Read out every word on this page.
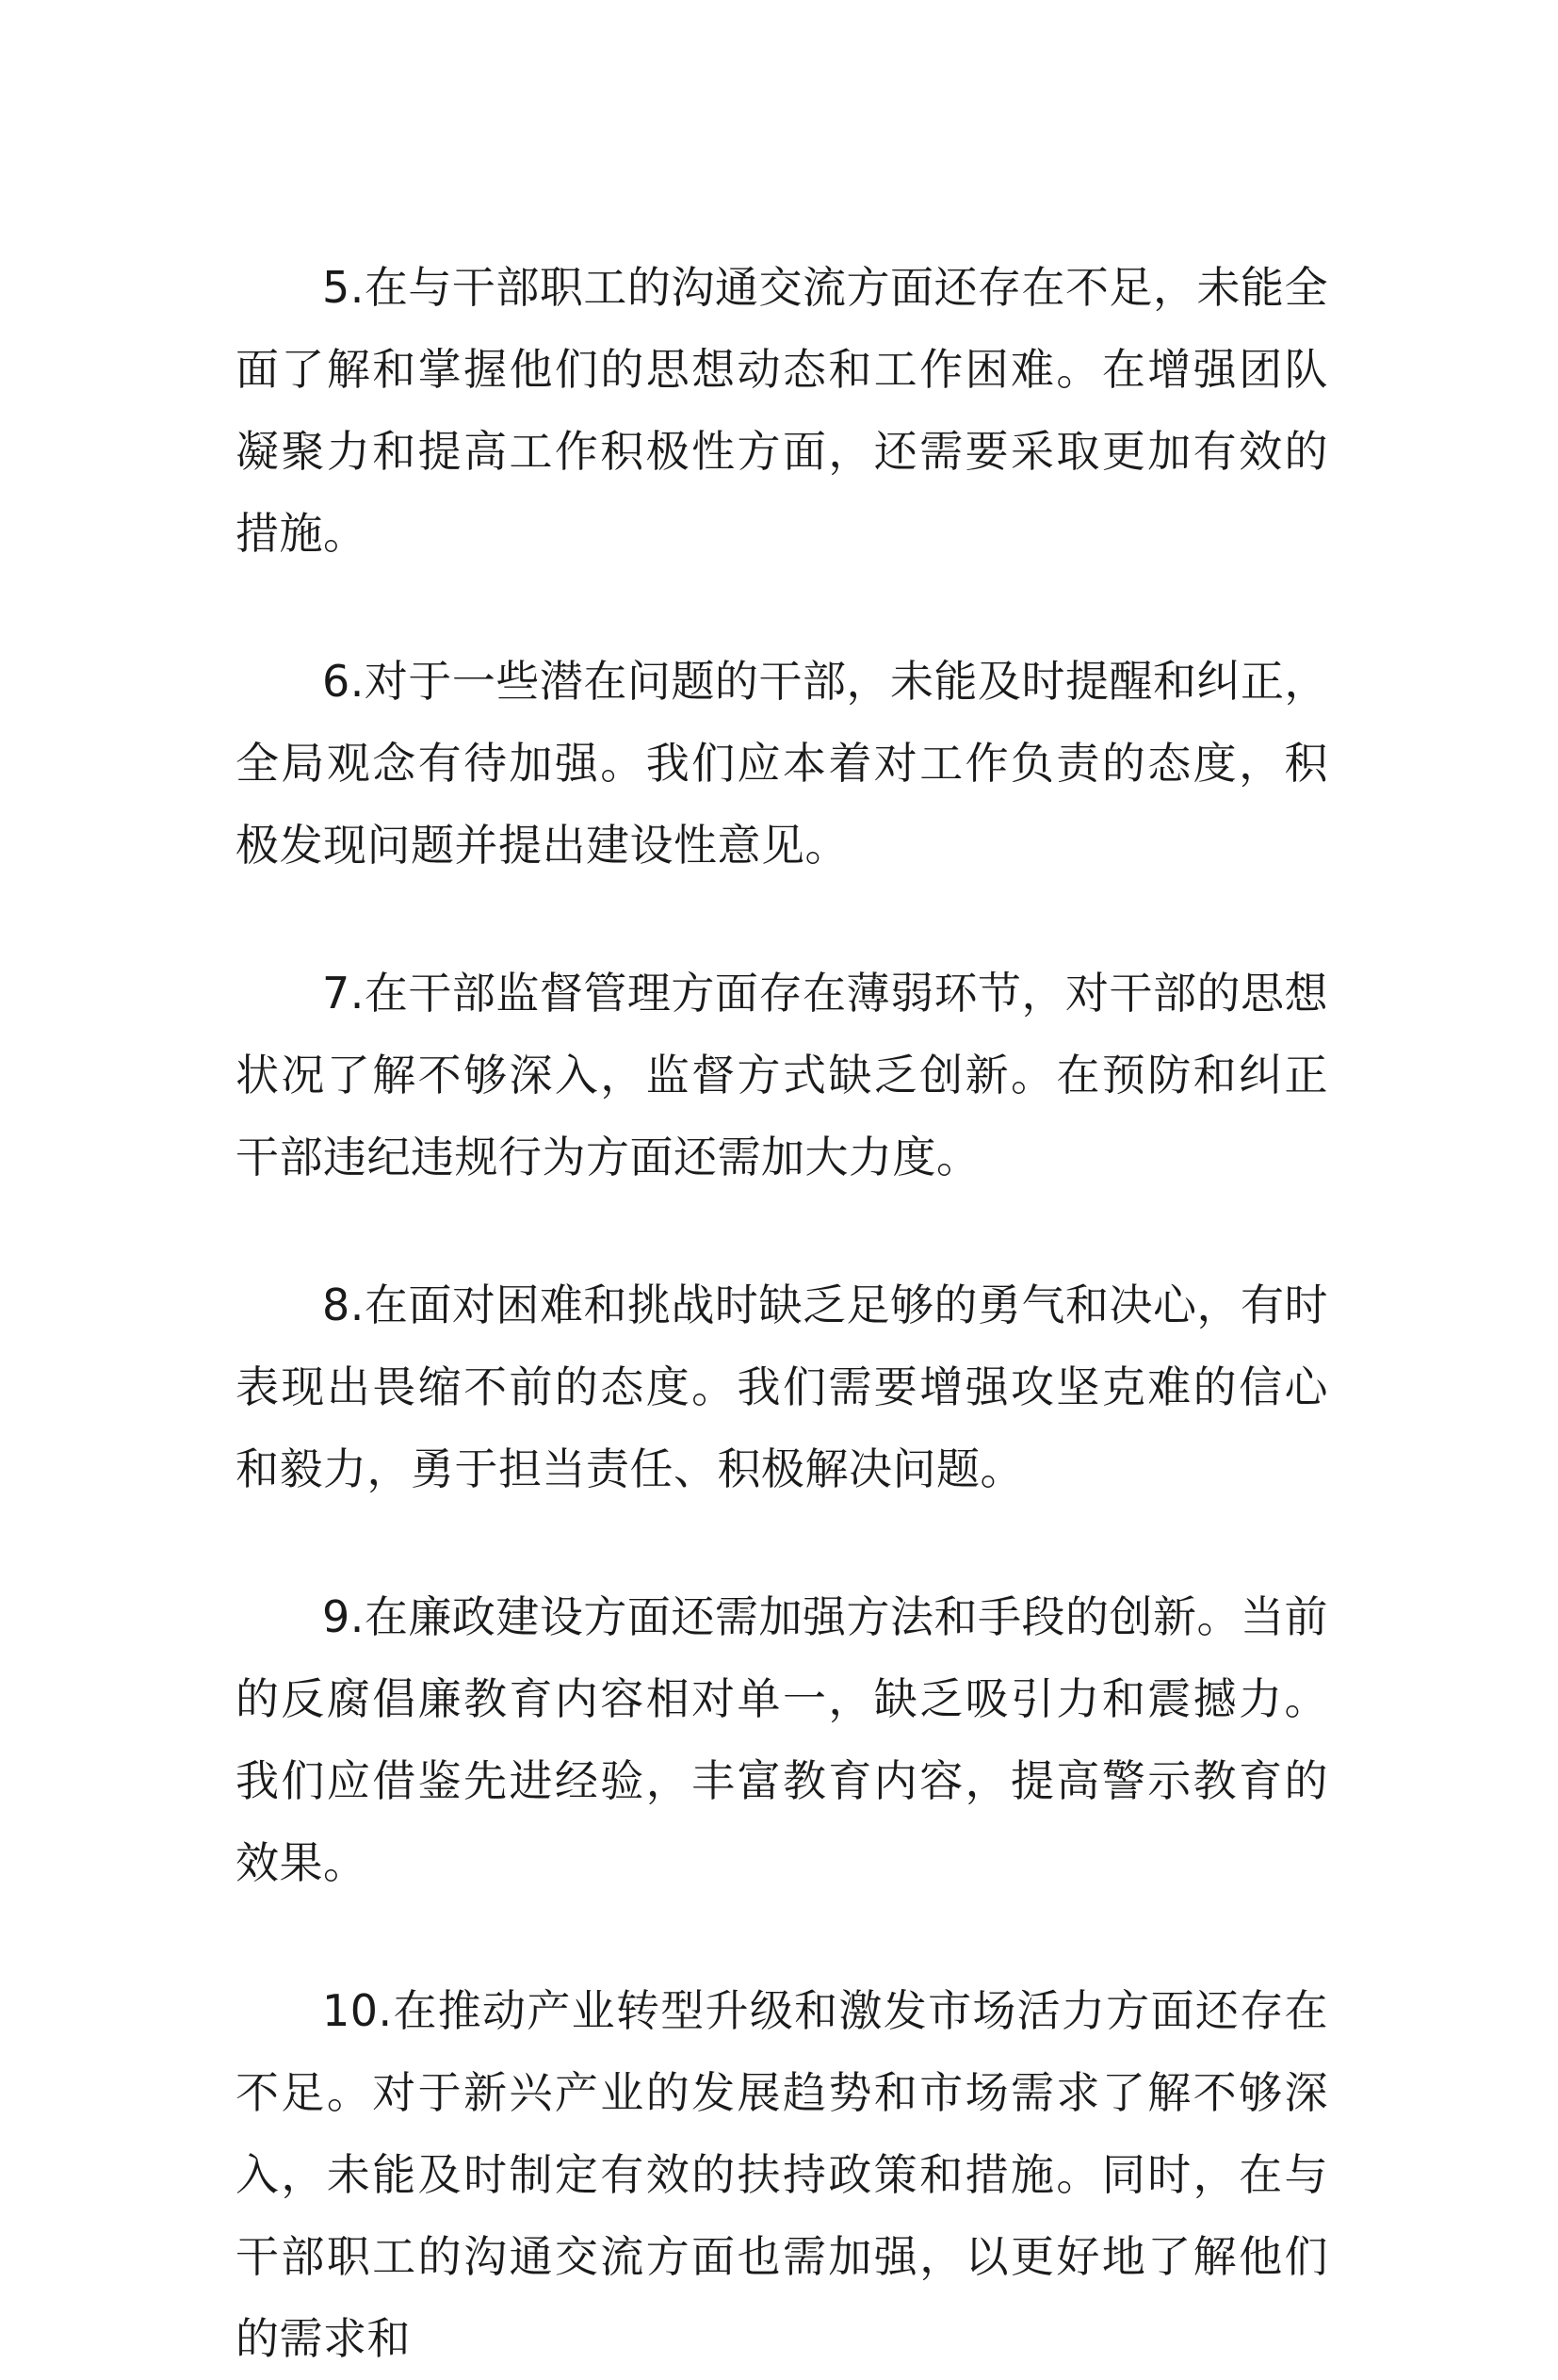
5.在与干部职工的沟通交流方面还存在不足，未能全面了解和掌握他们的思想动态和工作困难。在增强团队凝聚力和提高工作积极性方面，还需要采取更加有效的措施。

6.对于一些潜在问题的干部，未能及时提醒和纠正，全局观念有待加强。我们应本着对工作负责的态度，积极发现问题并提出建设性意见。

7.在干部监督管理方面存在薄弱环节，对干部的思想状况了解不够深入，监督方式缺乏创新。在预防和纠正干部违纪违规行为方面还需加大力度。

8.在面对困难和挑战时缺乏足够的勇气和决心，有时表现出畏缩不前的态度。我们需要增强攻坚克难的信心和毅力，勇于担当责任、积极解决问题。

9.在廉政建设方面还需加强方法和手段的创新。当前的反腐倡廉教育内容相对单一，缺乏吸引力和震撼力。我们应借鉴先进经验，丰富教育内容，提高警示教育的效果。

10.在推动产业转型升级和激发市场活力方面还存在不足。对于新兴产业的发展趋势和市场需求了解不够深入，未能及时制定有效的扶持政策和措施。同时，在与干部职工的沟通交流方面也需加强，以更好地了解他们的需求和
